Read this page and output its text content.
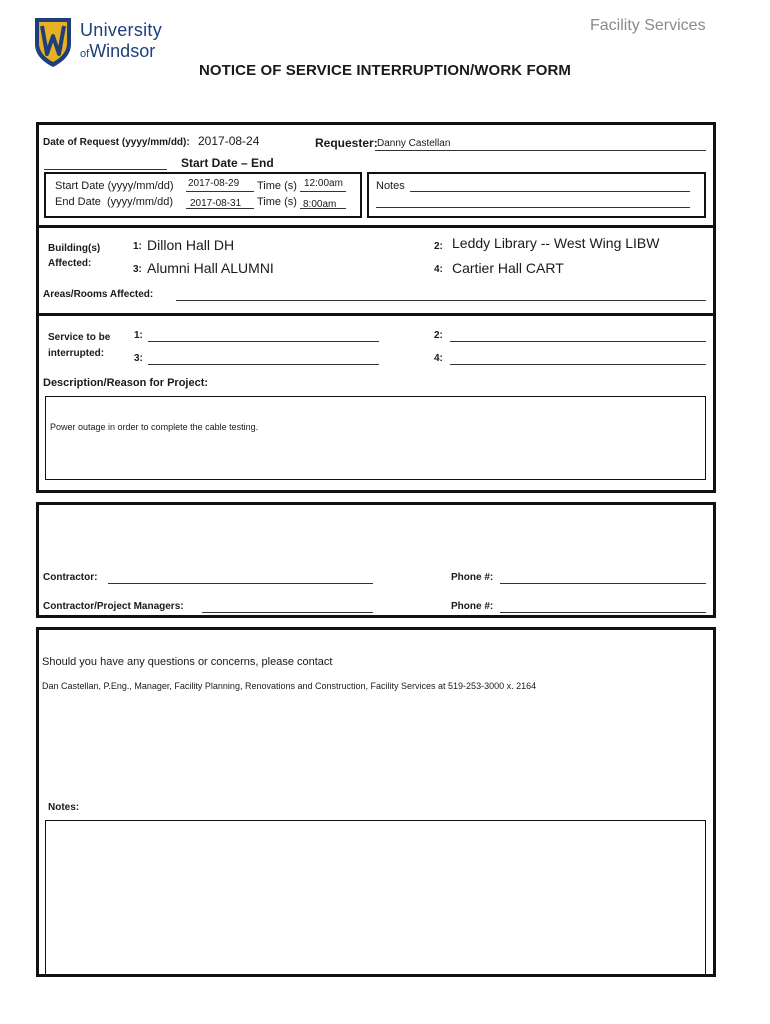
University
ofWindsor
Facility Services
NOTICE OF SERVICE INTERRUPTION/WORK FORM
Date of Request (yyyy/mm/dd): 2017-08-24	Requester: Danny Castellan
Start Date – End
Start Date (yyyy/mm/dd) 2017-08-29 Time (s) 12:00am
End Date  (yyyy/mm/dd) 2017-08-31 Time (s) 8:00am
Notes
Building(s)
Affected:
1: Dillon Hall DH	2: Leddy Library -- West Wing LIBW
3: Alumni Hall ALUMNI	4: Cartier Hall CART
Areas/Rooms Affected:
Service to be
interrupted:
1:	2:
3:	4:
Description/Reason for Project:
Power outage in order to complete the cable testing.
Contractor:	Phone #:
Contractor/Project Managers:	Phone #:
Should you have any questions or concerns, please contact
Dan Castellan, P.Eng., Manager, Facility Planning, Renovations and Construction, Facility Services at 519-253-3000 x. 2164
Notes:
